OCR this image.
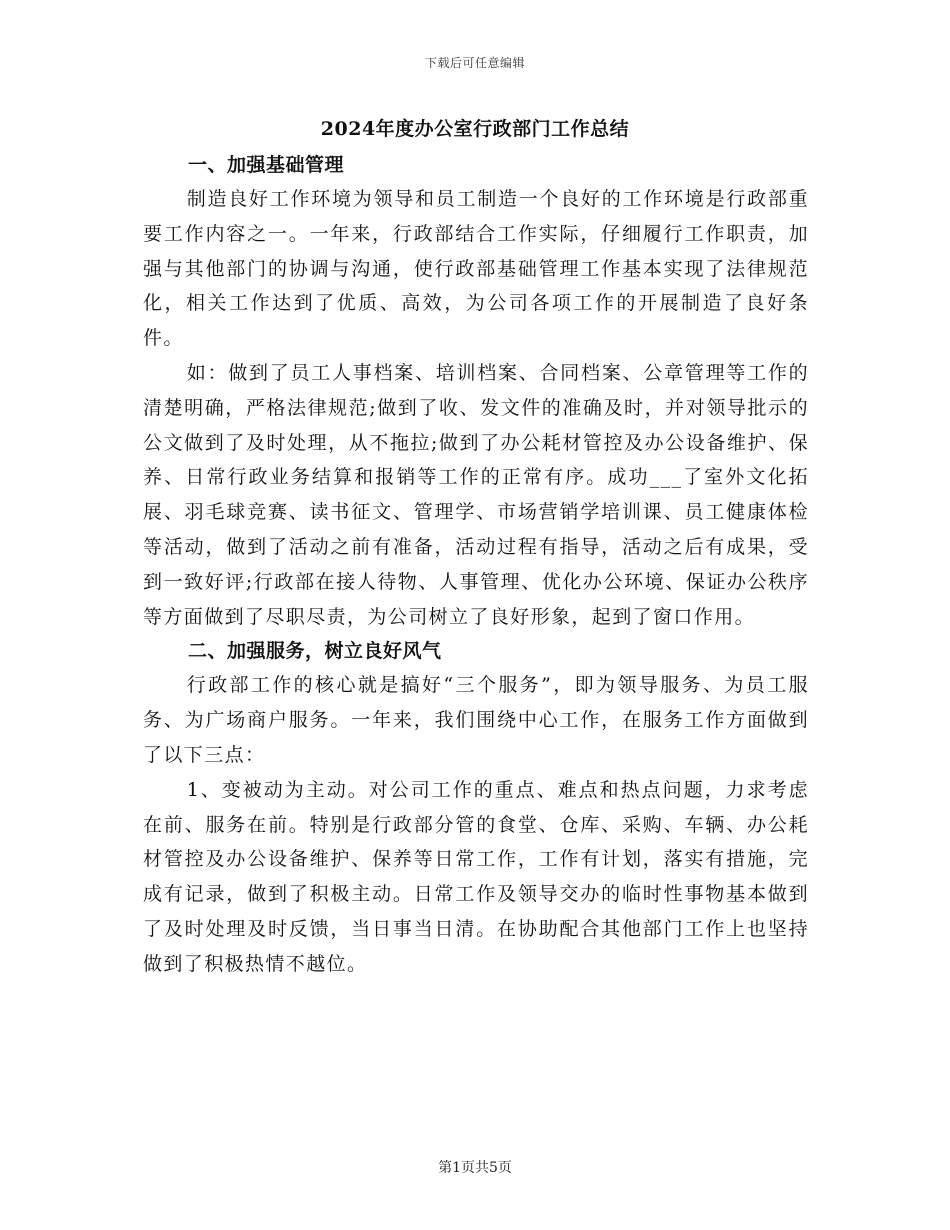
下载后可任意编辑
2024年度办公室行政部门工作总结

一、加强基础管理

制造良好工作环境为领导和员工制造一个良好的工作环境是行政部重要工作内容之一。一年来，行政部结合工作实际，仔细履行工作职责，加强与其他部门的协调与沟通，使行政部基础管理工作基本实现了法律规范化，相关工作达到了优质、高效，为公司各项工作的开展制造了良好条件。

如：做到了员工人事档案、培训档案、合同档案、公章管理等工作的清楚明确，严格法律规范;做到了收、发文件的准确及时，并对领导批示的公文做到了及时处理，从不拖拉;做到了办公耗材管控及办公设备维护、保养、日常行政业务结算和报销等工作的正常有序。成功___了室外文化拓展、羽毛球竞赛、读书征文、管理学、市场营销学培训课、员工健康体检等活动，做到了活动之前有准备，活动过程有指导，活动之后有成果，受到一致好评;行政部在接人待物、人事管理、优化办公环境、保证办公秩序等方面做到了尽职尽责，为公司树立了良好形象，起到了窗口作用。

二、加强服务，树立良好风气

行政部工作的核心就是搞好“三个服务”，即为领导服务、为员工服务、为广场商户服务。一年来，我们围绕中心工作，在服务工作方面做到了以下三点：

1、变被动为主动。对公司工作的重点、难点和热点问题，力求考虑在前、服务在前。特别是行政部分管的食堂、仓库、采购、车辆、办公耗材管控及办公设备维护、保养等日常工作，工作有计划，落实有措施，完成有记录，做到了积极主动。日常工作及领导交办的临时性事物基本做到了及时处理及时反馈，当日事当日清。在协助配合其他部门工作上也坚持做到了积极热情不越位。

第1页共5页
